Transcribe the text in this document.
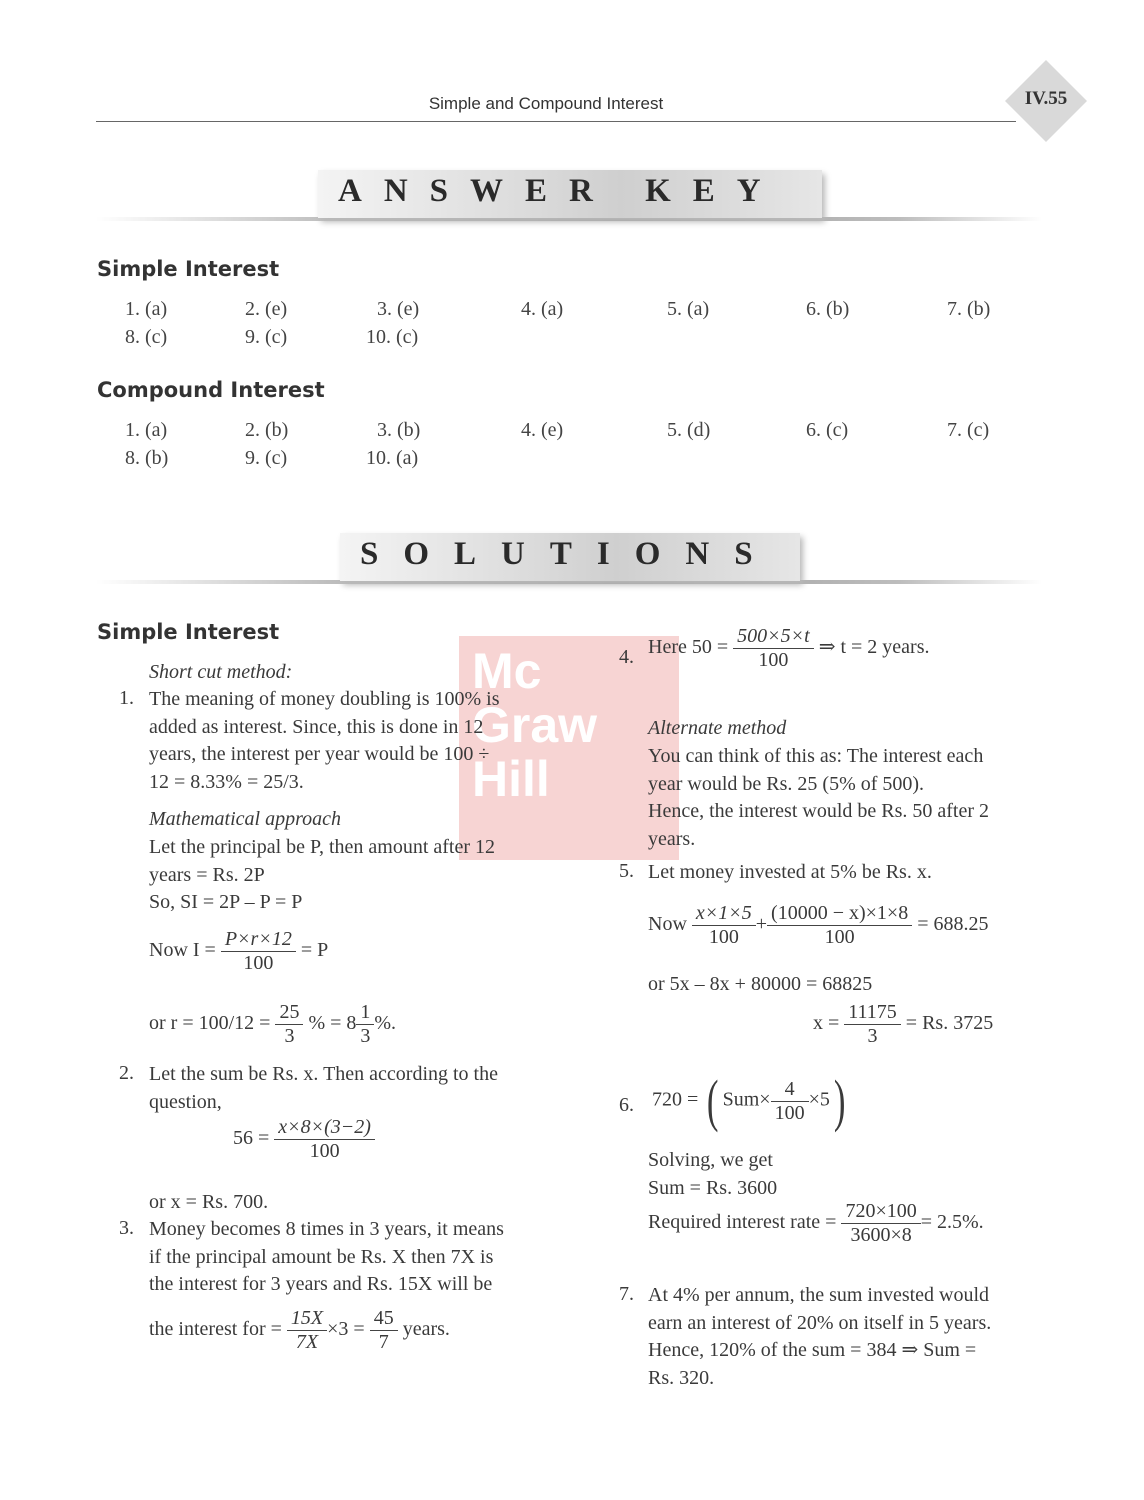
Simple and Compound Interest	IV.55
ANSWER KEY
Simple Interest
1. (a)	2. (e)	3. (e)	4. (a)	5. (a)	6. (b)	7. (b)
8. (c)	9. (c)	10. (c)
Compound Interest
1. (a)	2. (b)	3. (b)	4. (e)	5. (d)	6. (c)	7. (c)
8. (b)	9. (c)	10. (a)
SOLUTIONS
Mc
Graw
Hill
Simple Interest
Short cut method:
1. The meaning of money doubling is 100% is
added as interest. Since, this is done in 12
years, the interest per year would be 100 ÷
12 = 8.33% = 25/3.
Mathematical approach
Let the principal be P, then amount after 12
years = Rs. 2P
So, SI = 2P – P = P
Now $I = \frac{P\times r\times 12}{100} = P$
or $r = 100/12 = \frac{25}{3}$ % = $8 \frac{1}{3}$ %.
2. Let the sum be Rs. x. Then according to the
question,
$56 = \frac{x\times 8\times(3-2)}{100}$
or x = Rs. 700.
3. Money becomes 8 times in 3 years, it means
if the principal amount be Rs. X then 7X is
the interest for 3 years and Rs. 15X will be
the interest for = $\frac{15X}{7X} \times 3 = \frac{45}{7}$ years.
4. Here $50 = \frac{500\times 5\times t}{100}$ ⇒ t = 2 years.
Alternate method
You can think of this as: The interest each
year would be Rs. 25 (5% of 500).
Hence, the interest would be Rs. 50 after 2
years.
5. Let money invested at 5% be Rs. x.
Now $\frac{x\times 1\times 5}{100} + \frac{(10000 - x)\times 1\times 8}{100} = 688.25$
or 5x – 8x + 80000 = 68825
$x = \frac{11175}{3} = Rs$. 3725
6. 720 = ( $Sum\times \frac{4}{100} \times 5$)
Solving, we get
Sum = Rs. 3600
Required interest rate = $\frac{720\times 100}{3600\times 8} = 2.5\%$.
7. At 4% per annum, the sum invested would
earn an interest of 20% on itself in 5 years.
Hence, 120% of the sum = 384 ⇒ Sum =
Rs. 320.
